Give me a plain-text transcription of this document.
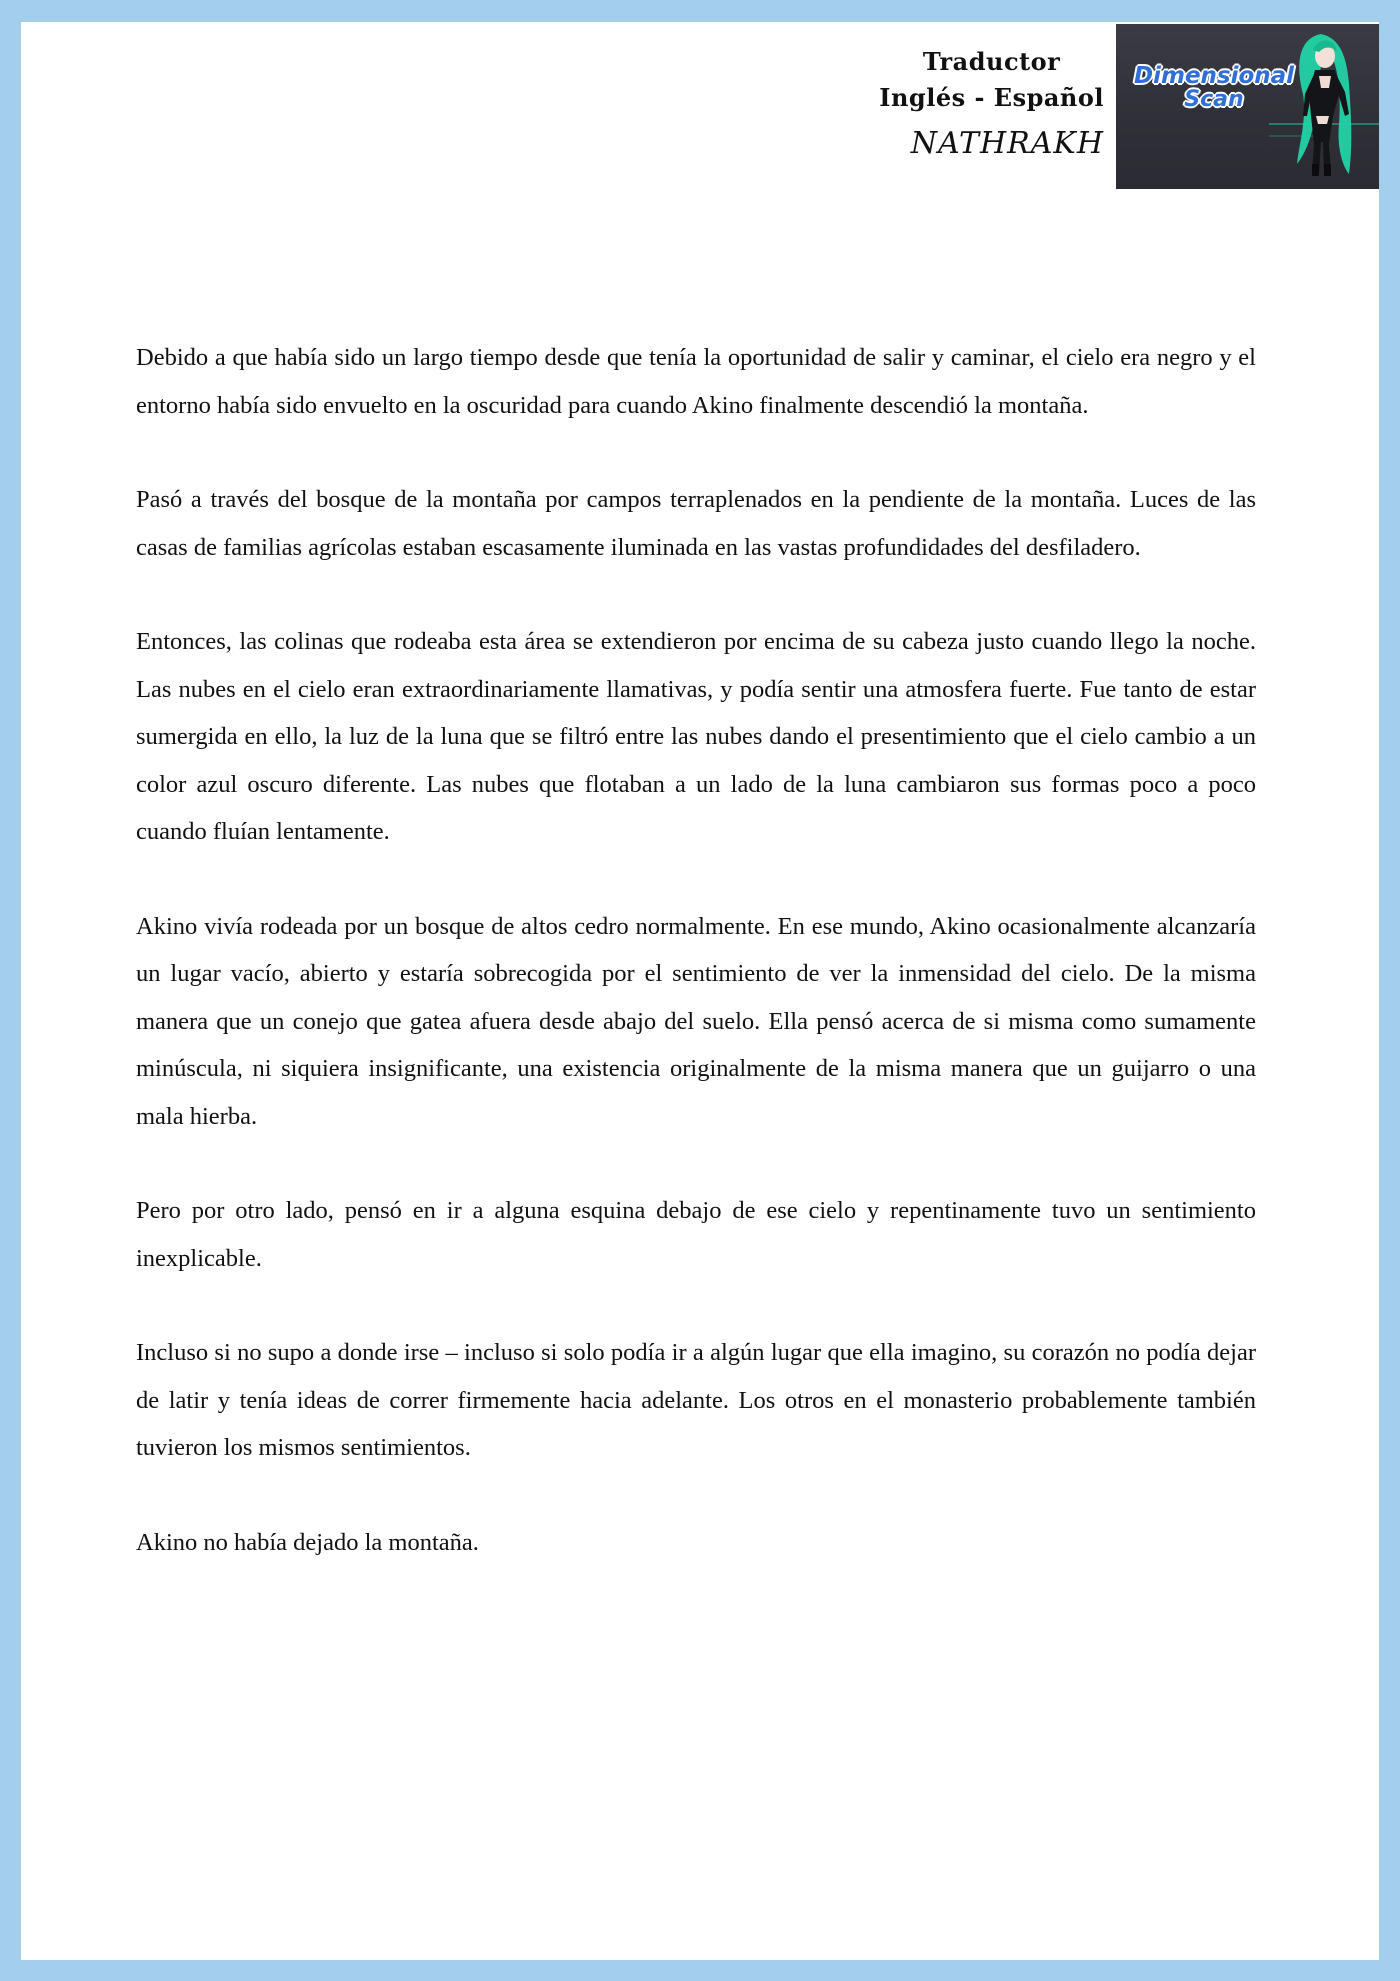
Traductor
Inglés - Español
NATHRAKH
Dimensional
Scan

Debido a que había sido un largo tiempo desde que tenía la oportunidad de salir y caminar, el cielo era negro y el entorno había sido envuelto en la oscuridad para cuando Akino finalmente descendió la montaña.

Pasó a través del bosque de la montaña por campos terraplenados en la pendiente de la montaña. Luces de las casas de familias agrícolas estaban escasamente iluminada en las vastas profundidades del desfiladero.

Entonces, las colinas que rodeaba esta área se extendieron por encima de su cabeza justo cuando llego la noche. Las nubes en el cielo eran extraordinariamente llamativas, y podía sentir una atmosfera fuerte. Fue tanto de estar sumergida en ello, la luz de la luna que se filtró entre las nubes dando el presentimiento que el cielo cambio a un color azul oscuro diferente. Las nubes que flotaban a un lado de la luna cambiaron sus formas poco a poco cuando fluían lentamente.

Akino vivía rodeada por un bosque de altos cedro normalmente. En ese mundo, Akino ocasionalmente alcanzaría un lugar vacío, abierto y estaría sobrecogida por el sentimiento de ver la inmensidad del cielo. De la misma manera que un conejo que gatea afuera desde abajo del suelo. Ella pensó acerca de si misma como sumamente minúscula, ni siquiera insignificante, una existencia originalmente de la misma manera que un guijarro o una mala hierba.

Pero por otro lado, pensó en ir a alguna esquina debajo de ese cielo y repentinamente tuvo un sentimiento inexplicable.

Incluso si no supo a donde irse – incluso si solo podía ir a algún lugar que ella imagino, su corazón no podía dejar de latir y tenía ideas de correr firmemente hacia adelante. Los otros en el monasterio probablemente también tuvieron los mismos sentimientos.

Akino no había dejado la montaña.
